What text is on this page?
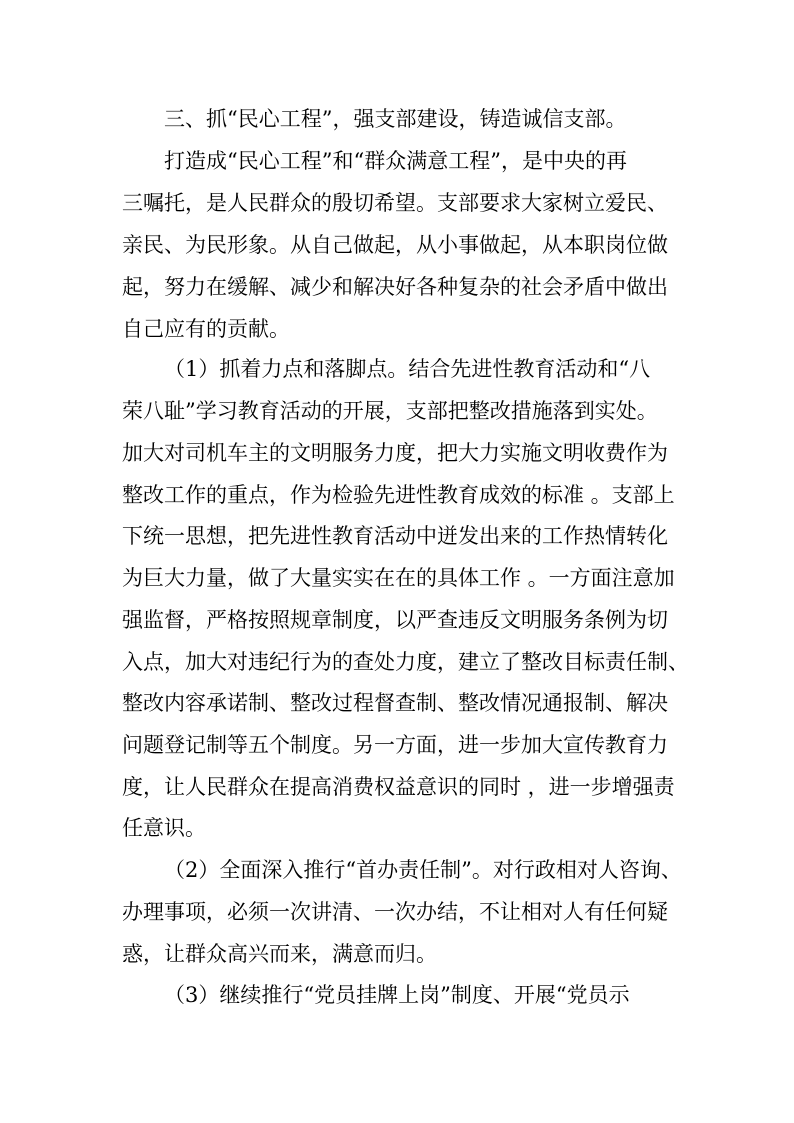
三、抓“民心工程”，强支部建设，铸造诚信支部。

打造成“民心工程”和“群众满意工程”，是中央的再

三嘱托，是人民群众的殷切希望。支部要求大家树立爱民、

亲民、为民形象。从自己做起，从小事做起，从本职岗位做

起，努力在缓解、减少和解决好各种复杂的社会矛盾中做出

自己应有的贡献。

（1）抓着力点和落脚点。结合先进性教育活动和“八

荣八耻”学习教育活动的开展，支部把整改措施落到实处。

加大对司机车主的文明服务力度，把大力实施文明收费作为

整改工作的重点，作为检验先进性教育成效的标准 。支部上

下统一思想，把先进性教育活动中迸发出来的工作热情转化

为巨大力量，做了大量实实在在的具体工作 。一方面注意加

强监督，严格按照规章制度，以严查违反文明服务条例为切

入点，加大对违纪行为的查处力度，建立了整改目标责任制、

整改内容承诺制、整改过程督查制、整改情况通报制、解决

问题登记制等五个制度。另一方面，进一步加大宣传教育力

度，让人民群众在提高消费权益意识的同时 ，进一步增强责

任意识。

（2）全面深入推行“首办责任制”。对行政相对人咨询、

办理事项，必须一次讲清、一次办结，不让相对人有任何疑

惑，让群众高兴而来，满意而归。

（3）继续推行“党员挂牌上岗”制度、开展“党员示
